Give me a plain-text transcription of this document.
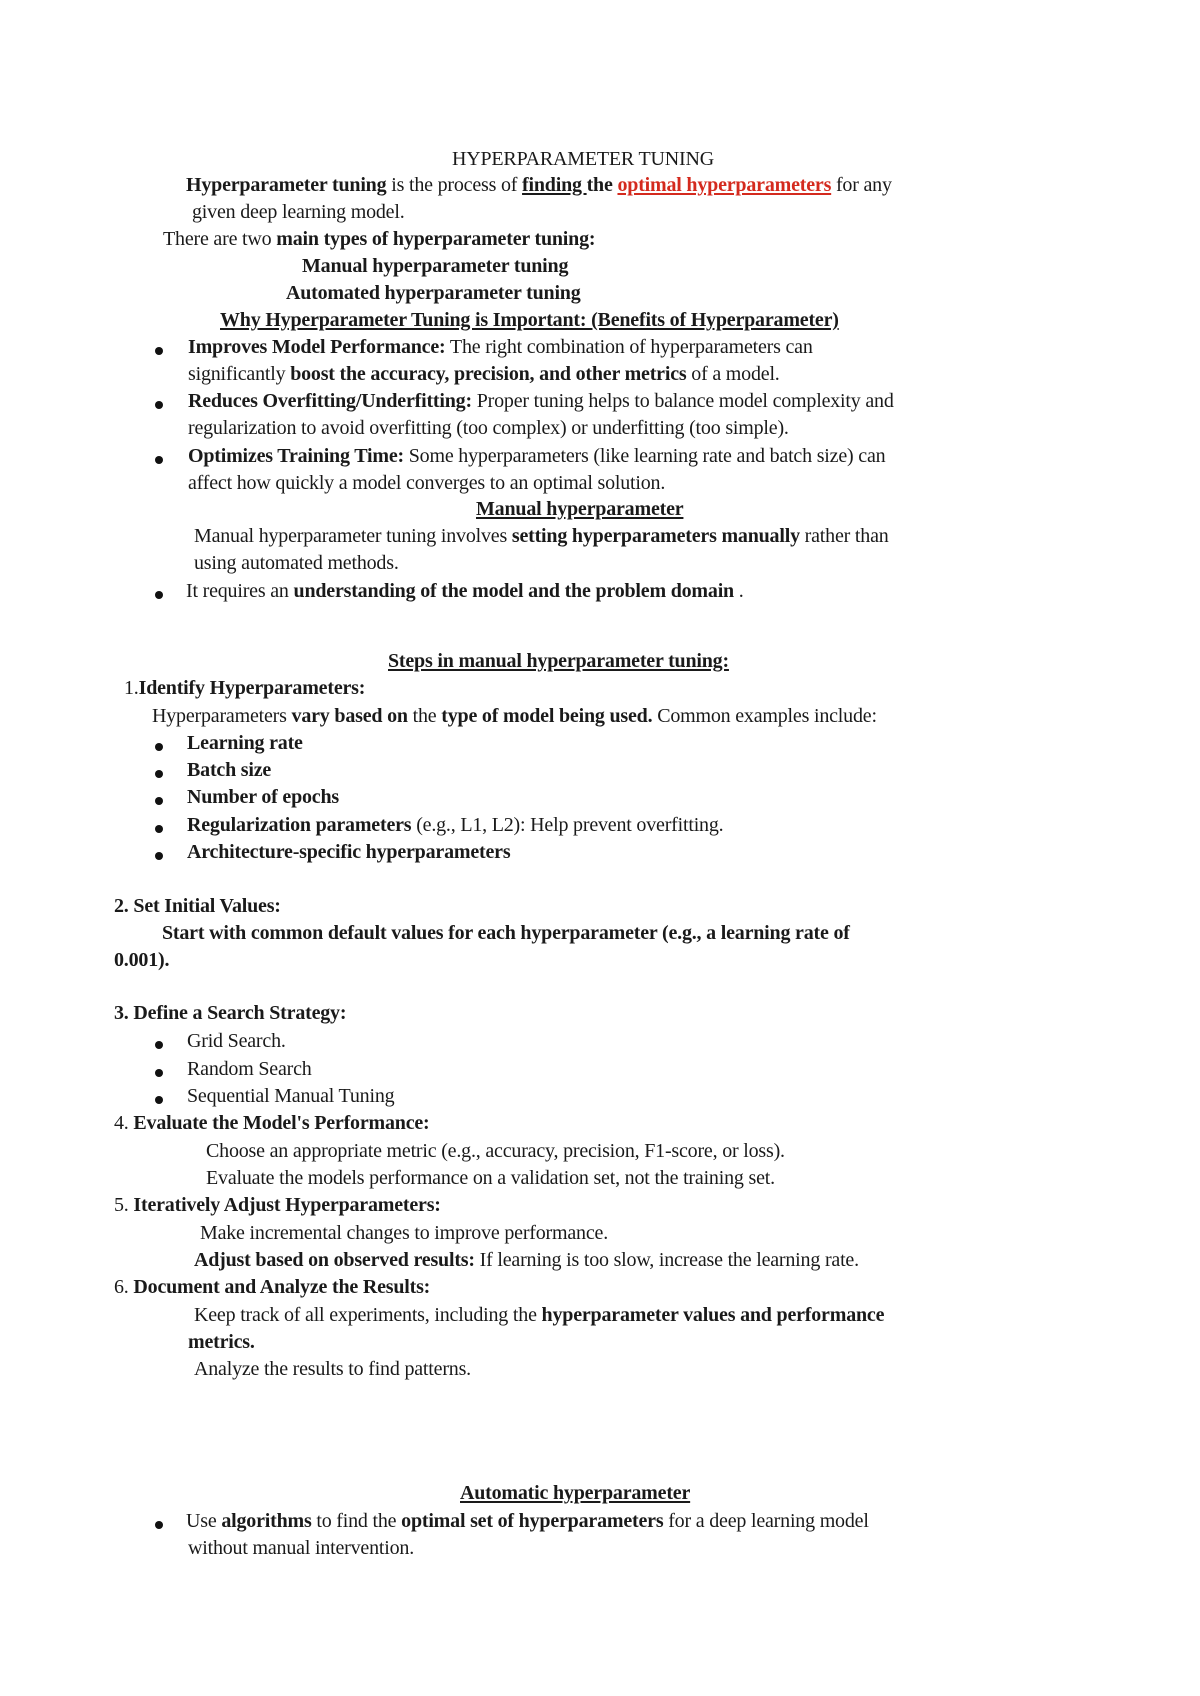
HYPERPARAMETER TUNING
Hyperparameter tuning is the process of finding the optimal hyperparameters for any
given deep learning model.
There are two main types of hyperparameter tuning:
Manual hyperparameter tuning
Automated hyperparameter tuning
Why Hyperparameter Tuning is Important: (Benefits of Hyperparameter)
Improves Model Performance: The right combination of hyperparameters can
significantly boost the accuracy, precision, and other metrics of a model.
Reduces Overfitting/Underfitting: Proper tuning helps to balance model complexity and
regularization to avoid overfitting (too complex) or underfitting (too simple).
Optimizes Training Time: Some hyperparameters (like learning rate and batch size) can
affect how quickly a model converges to an optimal solution.
Manual hyperparameter
Manual hyperparameter tuning involves setting hyperparameters manually rather than
using automated methods.
It requires an understanding of the model and the problem domain .
Steps in manual hyperparameter tuning:
1.Identify Hyperparameters:
Hyperparameters vary based on the type of model being used. Common examples include:
Learning rate
Batch size
Number of epochs
Regularization parameters (e.g., L1, L2): Help prevent overfitting.
Architecture-specific hyperparameters
2. Set Initial Values:
Start with common default values for each hyperparameter (e.g., a learning rate of
0.001).
3. Define a Search Strategy:
Grid Search.
Random Search
Sequential Manual Tuning
4. Evaluate the Model's Performance:
Choose an appropriate metric (e.g., accuracy, precision, F1-score, or loss).
Evaluate the models performance on a validation set, not the training set.
5. Iteratively Adjust Hyperparameters:
Make incremental changes to improve performance.
Adjust based on observed results: If learning is too slow, increase the learning rate.
6. Document and Analyze the Results:
Keep track of all experiments, including the hyperparameter values and performance
metrics.
Analyze the results to find patterns.
Automatic hyperparameter
Use algorithms to find the optimal set of hyperparameters for a deep learning model
without manual intervention.
